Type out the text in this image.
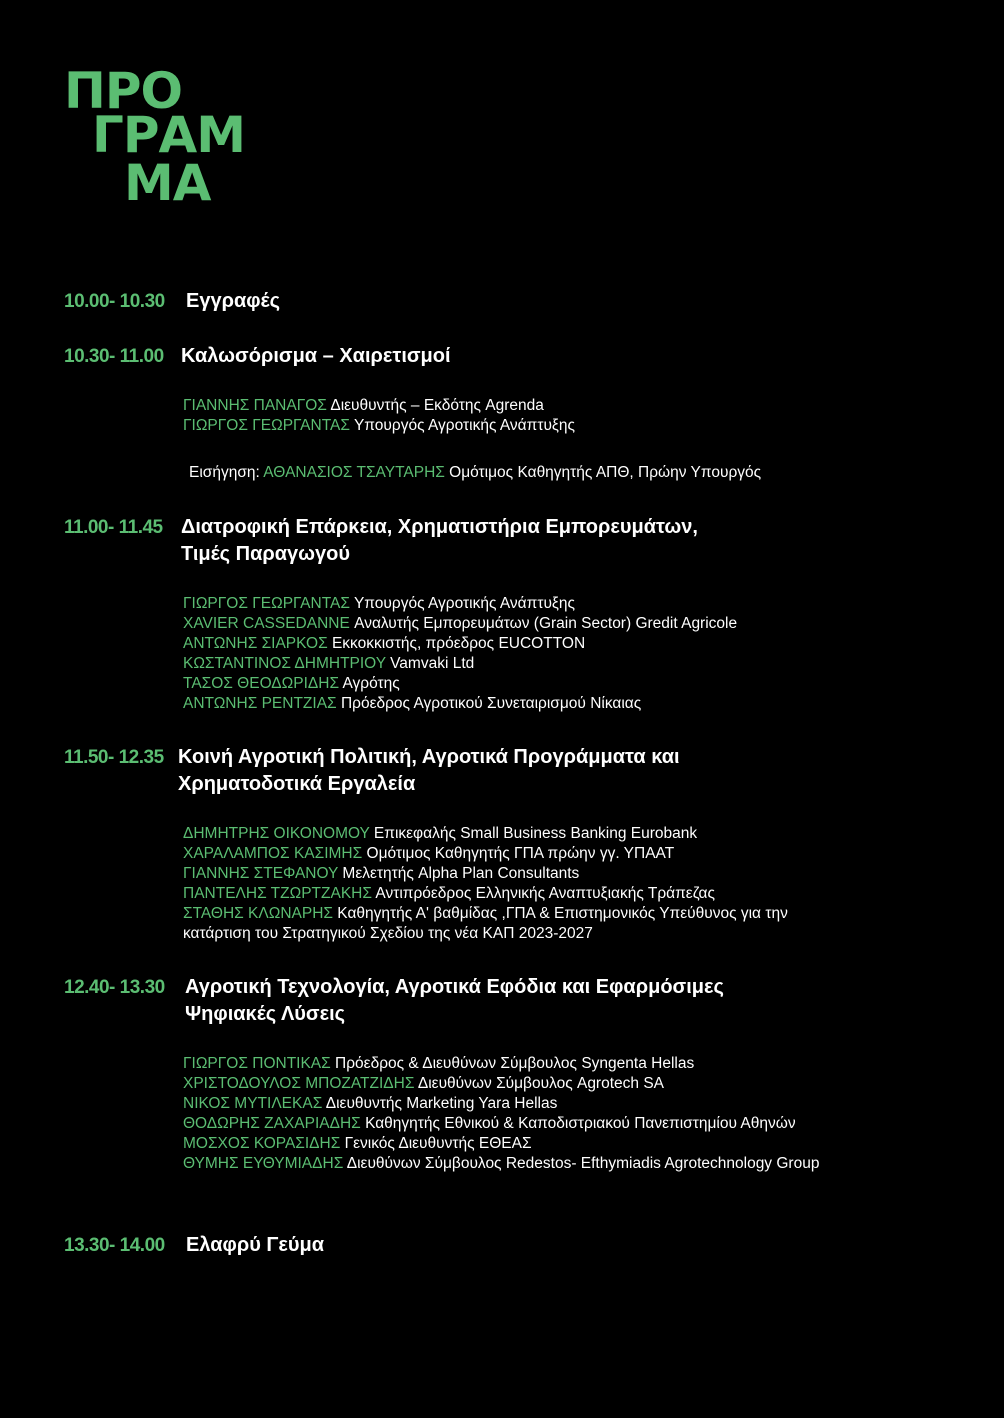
ΠΡΟ
ΓΡΑΜ
ΜΑ
10.00- 10.30 Εγγραφές
10.30- 11.00 Καλωσόρισμα – Χαιρετισμοί
ΓΙΑΝΝΗΣ ΠΑΝΑΓΟΣ Διευθυντής – Εκδότης Agrenda
ΓΙΩΡΓΟΣ ΓΕΩΡΓΑΝΤΑΣ Υπουργός Αγροτικής Ανάπτυξης
Εισήγηση: ΑΘΑΝΑΣΙΟΣ ΤΣΑΥΤΑΡΗΣ Ομότιμος Καθηγητής ΑΠΘ, Πρώην Υπουργός
11.00- 11.45 Διατροφική Επάρκεια, Χρηματιστήρια Εμπορευμάτων,
Τιμές Παραγωγού
ΓΙΩΡΓΟΣ ΓΕΩΡΓΑΝΤΑΣ Υπουργός Αγροτικής Ανάπτυξης
XAVIER CASSEDANNE Αναλυτής Εμπορευμάτων (Grain Sector) Gredit Agricole
ΑΝΤΩΝΗΣ ΣΙΑΡΚΟΣ Εκκοκκιστής, πρόεδρος EUCOTTON
ΚΩΣΤΑΝΤΙΝΟΣ ΔΗΜΗΤΡΙΟΥ Vamvaki Ltd
ΤΑΣΟΣ ΘΕΟΔΩΡΙΔΗΣ Αγρότης
ΑΝΤΩΝΗΣ ΡΕΝΤΖΙΑΣ Πρόεδρος Αγροτικού Συνεταιρισμού Νίκαιας
11.50- 12.35 Κοινή Αγροτική Πολιτική, Αγροτικά Προγράμματα και
Χρηματοδοτικά Εργαλεία
ΔΗΜΗΤΡΗΣ ΟΙΚΟΝΟΜΟΥ Επικεφαλής Small Business Banking Eurobank
ΧΑΡΑΛΑΜΠΟΣ ΚΑΣΙΜΗΣ Ομότιμος Καθηγητής ΓΠΑ πρώην γγ. ΥΠΑΑΤ
ΓΙΑΝΝΗΣ ΣΤΕΦΑΝΟΥ Μελετητής Alpha Plan Consultants
ΠΑΝΤΕΛΗΣ ΤΖΩΡΤΖΑΚΗΣ Αντιπρόεδρος Ελληνικής Αναπτυξιακής Τράπεζας
ΣΤΑΘΗΣ ΚΛΩΝΑΡΗΣ Καθηγητής Α' βαθμίδας ,ΓΠΑ & Επιστημονικός Υπεύθυνος για την
κατάρτιση του Στρατηγικού Σχεδίου της νέα ΚΑΠ 2023-2027
12.40- 13.30 Αγροτική Τεχνολογία, Αγροτικά Εφόδια και Εφαρμόσιμες
Ψηφιακές Λύσεις
ΓΙΩΡΓΟΣ ΠΟΝΤΙΚΑΣ Πρόεδρος & Διευθύνων Σύμβουλος Syngenta Hellas
ΧΡΙΣΤΟΔΟΥΛΟΣ ΜΠΟΖΑΤΖΙΔΗΣ Διευθύνων Σύμβουλος Agrotech SA
ΝΙΚΟΣ ΜΥΤΙΛΕΚΑΣ Διευθυντής Marketing Yara Hellas
ΘΟΔΩΡΗΣ ΖΑΧΑΡΙΑΔΗΣ Καθηγητής Εθνικού & Καποδιστριακού Πανεπιστημίου Αθηνών
ΜΟΣΧΟΣ ΚΟΡΑΣΙΔΗΣ Γενικός Διευθυντής ΕΘΕΑΣ
ΘΥΜΗΣ ΕΥΘΥΜΙΑΔΗΣ Διευθύνων Σύμβουλος Redestos- Efthymiadis Agrotechnology Group
13.30- 14.00 Ελαφρύ Γεύμα
